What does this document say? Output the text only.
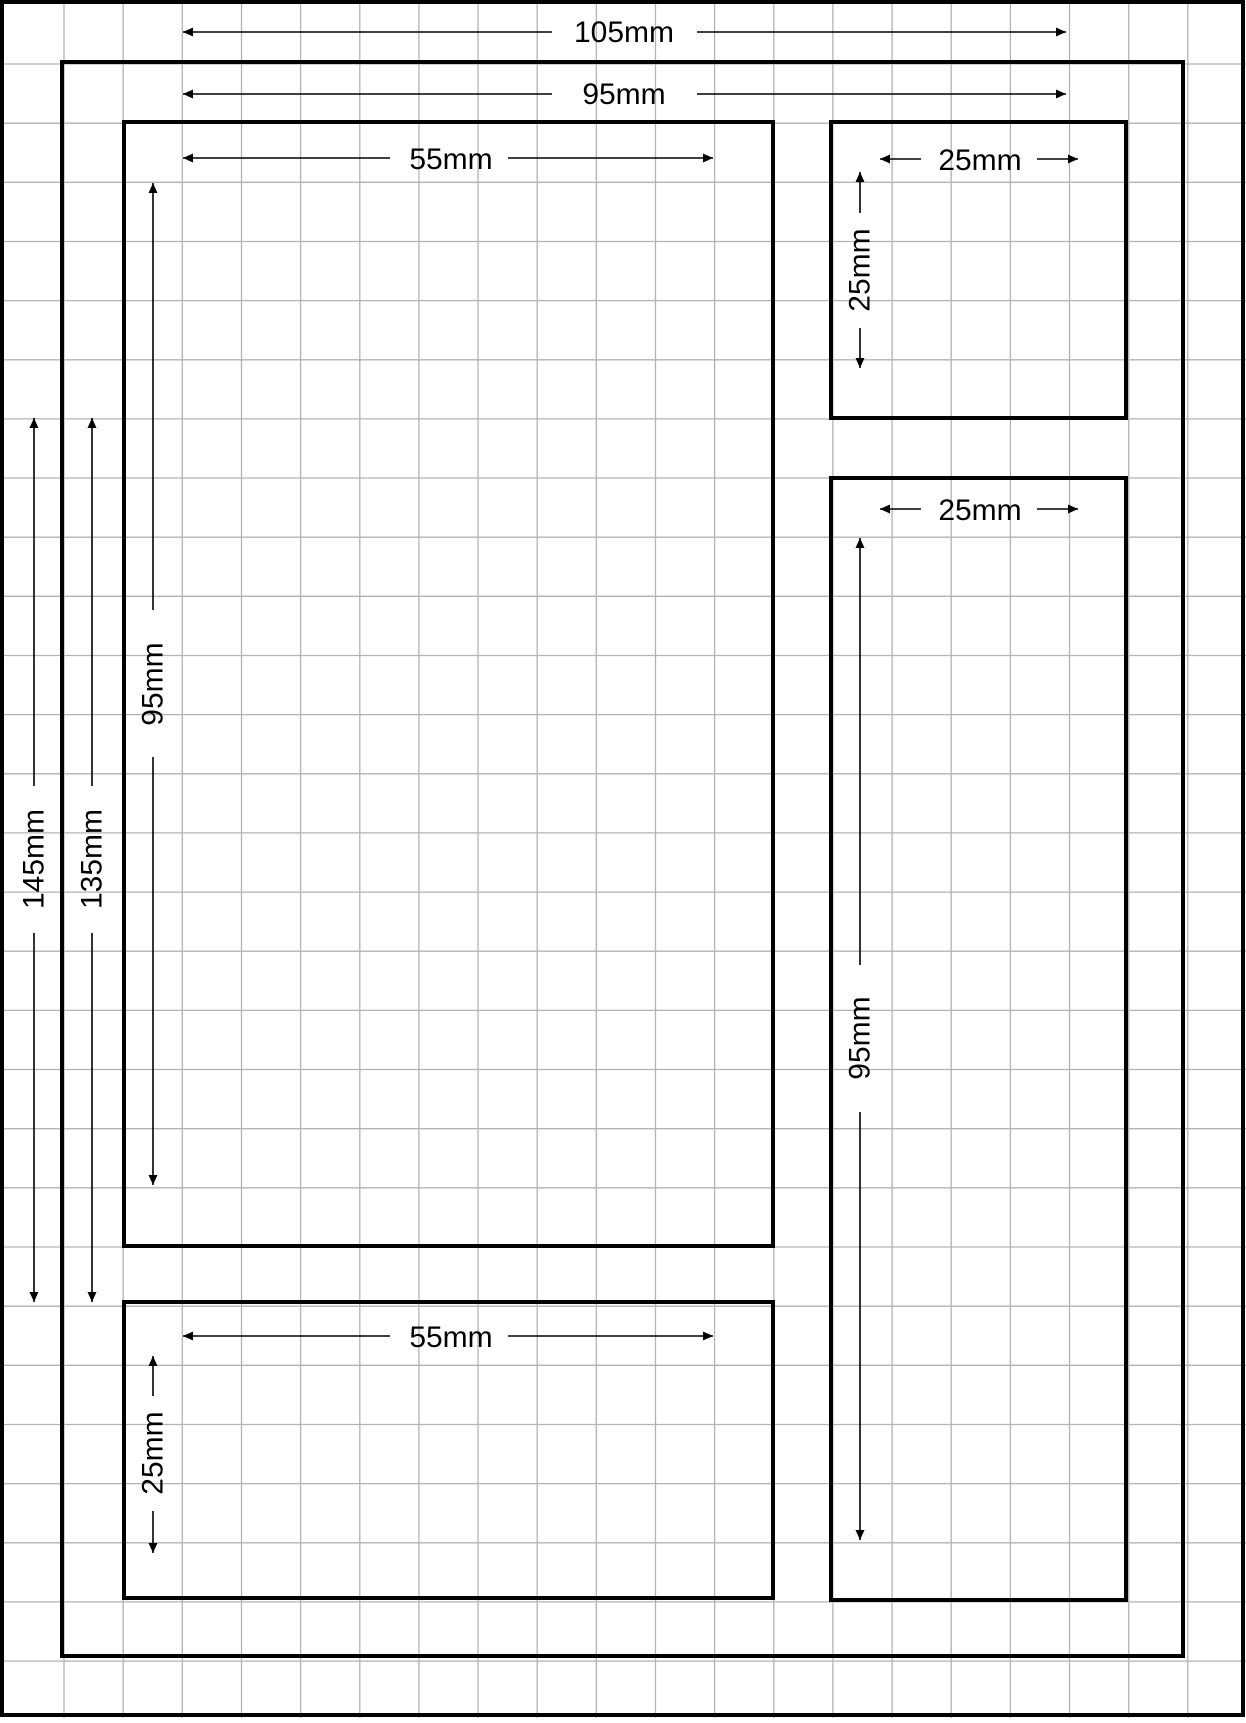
105mm
95mm
55mm	25mm
25mm
55mm
145mm 135mm
95mm
25mm
95mm
25mm
